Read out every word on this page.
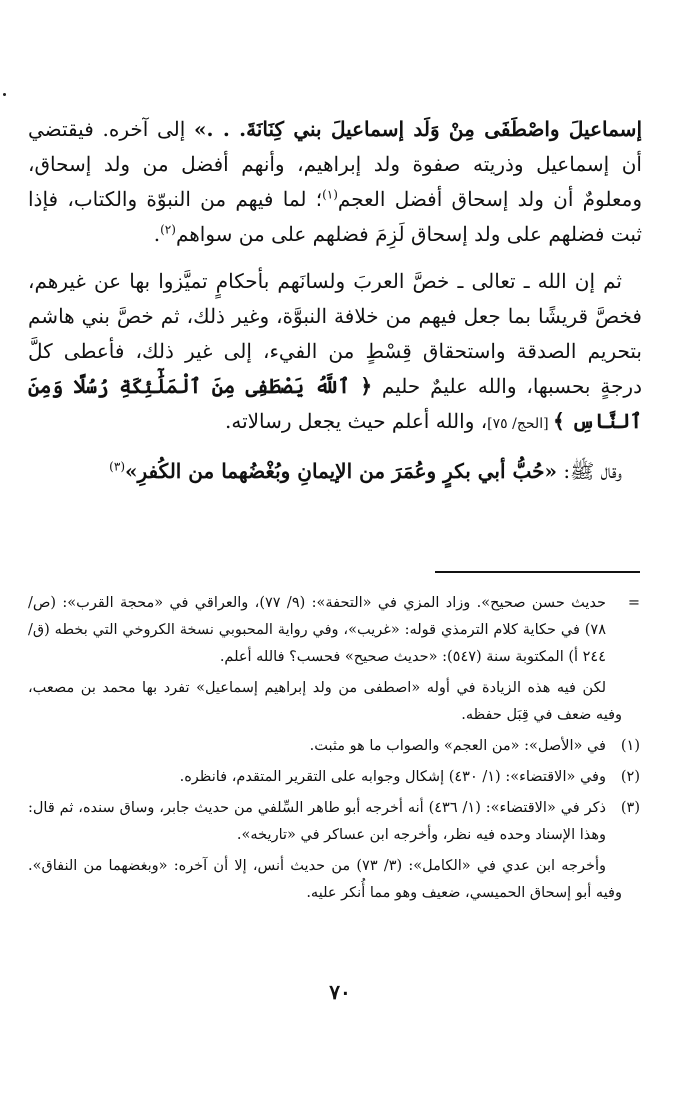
إسماعيلَ واصْطَفَى مِنْ وَلَد إسماعيلَ بني كِنَانَةَ. . .» إلى آخره. فيقتضي أن إسماعيل وذريته صفوة ولد إبراهيم، وأنهم أفضل من ولد إسحاق، ومعلومٌ أن ولد إسحاق أفضل العجم$^{(١)}$؛ لما فيهم من النبوّة والكتاب، فإذا ثبت فضلهم على ولد إسحاق لَزِمَ فضلهم على من سواهم$^{(٢)}$.

ثم إن الله ـ تعالى ـ خصَّ العربَ ولسانَهم بأحكامٍ تميَّزوا بها عن غيرهم، فخصَّ قريشًا بما جعل فيهم من خلافة النبوَّة، وغير ذلك، ثم خصَّ بني هاشم بتحريم الصدقة واستحقاق قِسْطٍ من الفيء، إلى غير ذلك، فأعطى كلَّ درجةٍ بحسبها، والله عليمٌ حليم ﴿ ٱللَّهُ يَصْطَفِى مِنَ ٱلْمَلَٰٓئِكَةِ رُسُلًا وَمِنَ ٱلنَّاسِ ﴾ [الحج/ ٧٥]، والله أعلم حيث يجعل رسالاته.

وقال ﷺ: «حُبُّ أبي بكرٍ وعُمَرَ من الإيمانِ وبُغْضُهما من الكُفرِ»$^{(٣)}$

=
حديث حسن صحيح». وزاد المزي في «التحفة»: (٩/ ٧٧)، والعراقي في «محجة القرب»: (ص/ ٧٨) في حكاية كلام الترمذي قوله: «غريب»، وفي رواية المحبوبي نسخة الكروخي التي بخطه (ق/ ٢٤٤ أ) المكتوبة سنة (٥٤٧): «حديث صحيح» فحسب؟ فالله أعلم.
لكن فيه هذه الزيادة في أوله «اصطفى من ولد إبراهيم إسماعيل» تفرد بها محمد بن مصعب، وفيه ضعف في قِبَل حفظه.
(١)
في «الأصل»: «من العجم» والصواب ما هو مثبت.
(٢)
وفي «الاقتضاء»: (١/ ٤٣٠) إشكال وجوابه على التقرير المتقدم، فانظره.
(٣)
ذكر في «الاقتضاء»: (١/ ٤٣٦) أنه أخرجه أبو طاهر السِّلفي من حديث جابر، وساق سنده، ثم قال: وهذا الإسناد وحده فيه نظر، وأخرجه ابن عساكر في «تاريخه».
وأخرجه ابن عدي في «الكامل»: (٣/ ٧٣) من حديث أنس، إلا أن آخره: «وبغضهما من النفاق». وفيه أبو إسحاق الحميسي، ضعيف وهو مما أُنكر عليه.
٧٠
